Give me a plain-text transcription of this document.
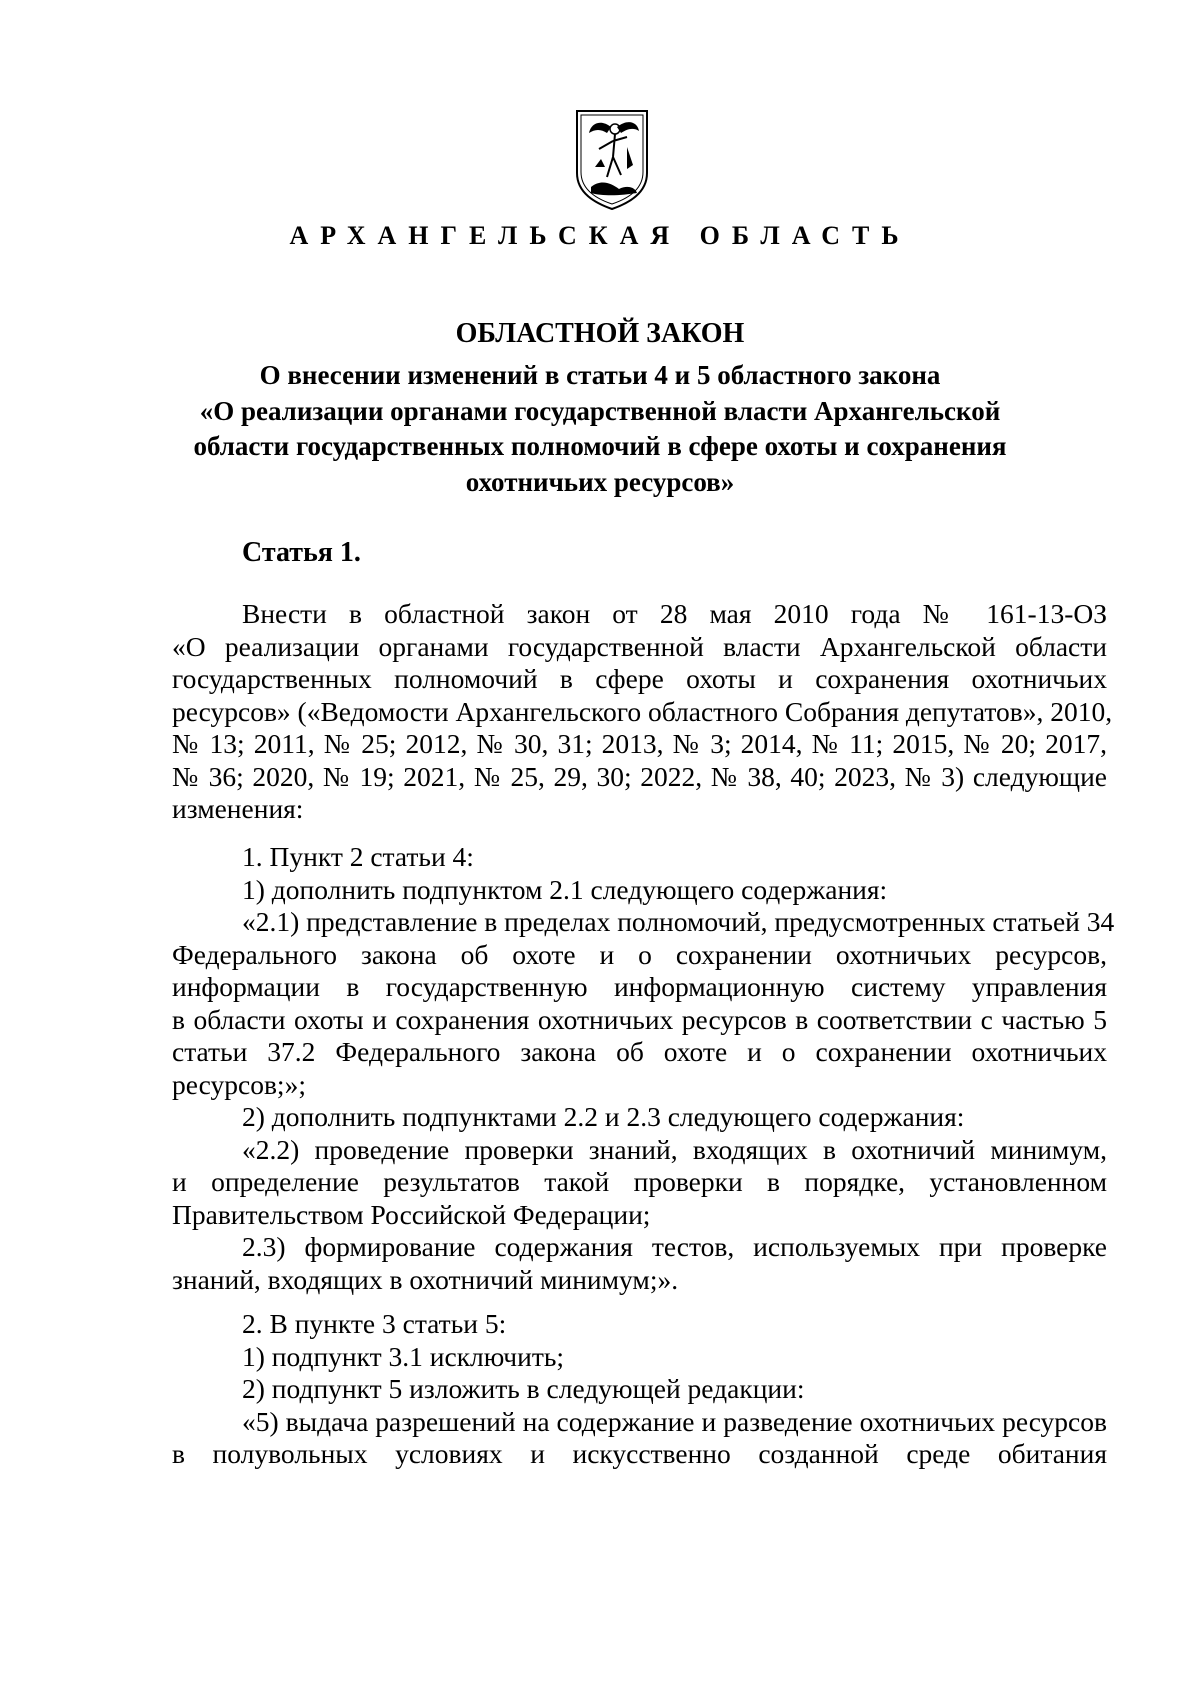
АРХАНГЕЛЬСКАЯ ОБЛАСТЬ
ОБЛАСТНОЙ ЗАКОН
О внесении изменений в статьи 4 и 5 областного закона
«О реализации органами государственной власти Архангельской
области государственных полномочий в сфере охоты и сохранения
охотничьих ресурсов»
Статья 1.
Внести в областной закон от 28 мая 2010 года № 161-13-ОЗ
«О реализации органами государственной власти Архангельской области
государственных полномочий в сфере охоты и сохранения охотничьих
ресурсов» («Ведомости Архангельского областного Собрания депутатов», 2010,
№ 13; 2011, № 25; 2012, № 30, 31; 2013, № 3; 2014, № 11; 2015, № 20; 2017,
№ 36; 2020, № 19; 2021, № 25, 29, 30; 2022, № 38, 40; 2023, № 3) следующие
изменения:
1. Пункт 2 статьи 4:
1) дополнить подпунктом 2.1 следующего содержания:
«2.1) представление в пределах полномочий, предусмотренных статьей 34
Федерального закона об охоте и о сохранении охотничьих ресурсов,
информации в государственную информационную систему управления
в области охоты и сохранения охотничьих ресурсов в соответствии с частью 5
статьи 37.2 Федерального закона об охоте и о сохранении охотничьих
ресурсов;»;
2) дополнить подпунктами 2.2 и 2.3 следующего содержания:
«2.2) проведение проверки знаний, входящих в охотничий минимум,
и определение результатов такой проверки в порядке, установленном
Правительством Российской Федерации;
2.3) формирование содержания тестов, используемых при проверке
знаний, входящих в охотничий минимум;».
2. В пункте 3 статьи 5:
1) подпункт 3.1 исключить;
2) подпункт 5 изложить в следующей редакции:
«5) выдача разрешений на содержание и разведение охотничьих ресурсов
в полувольных условиях и искусственно созданной среде обитания
